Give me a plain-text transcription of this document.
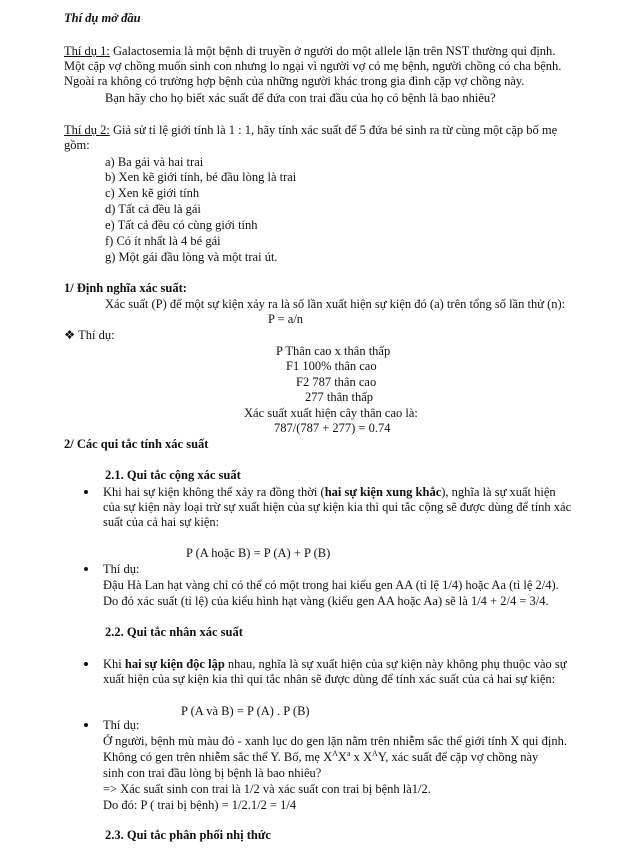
Thí dụ mở đầu
Thí dụ 1: Galactosemia là một bệnh di truyền ở người do một allele lặn trên NST thường qui định.
Một cặp vợ chồng muốn sinh con nhưng lo ngại vì người vợ có mẹ bệnh, người chồng có cha bệnh.
Ngoài ra không có trường hợp bệnh của những người khác trong gia đình cặp vợ chồng này.
Bạn hãy cho họ biết xác suất để đứa con trai đầu của họ có bệnh là bao nhiêu?
Thí dụ 2: Giả sử tỉ lệ giới tính là 1 : 1, hãy tính xác suất để 5 đứa bé sinh ra từ cùng một cặp bố mẹ
gồm:
a) Ba gái và hai trai
b) Xen kẽ giới tính, bé đầu lòng là trai
c) Xen kẽ giới tính
d) Tất cả đều là gái
e) Tất cả đều có cùng giới tính
f) Có ít nhất là 4 bé gái
g) Một gái đầu lòng và một trai út.
1/ Định nghĩa xác suất:
Xác suất (P) để một sự kiện xảy ra là số lần xuất hiện sự kiện đó (a) trên tổng số lần thử (n):
P = a/n
❖ Thí dụ:
P Thân cao x thân thấp
F1 100% thân cao
F2 787 thân cao
277 thân thấp
Xác suất xuất hiện cây thân cao là:
787/(787 + 277) = 0.74
2/ Các qui tắc tính xác suất
2.1. Qui tắc cộng xác suất
Khi hai sự kiện không thể xảy ra đồng thời (hai sự kiện xung khắc), nghĩa là sự xuất hiện
của sự kiện này loại trừ sự xuất hiện của sự kiện kia thì qui tắc cộng sẽ được dùng để tính xác
suất của cả hai sự kiện:
P (A hoặc B) = P (A) + P (B)
Thí dụ:
Đậu Hà Lan hạt vàng chỉ có thể có một trong hai kiểu gen AA (tỉ lệ 1/4) hoặc Aa (tỉ lệ 2/4).
Do đó xác suất (tỉ lệ) của kiểu hình hạt vàng (kiểu gen AA hoặc Aa) sẽ là 1/4 + 2/4 = 3/4.
2.2. Qui tắc nhân xác suất
Khi hai sự kiện độc lập nhau, nghĩa là sự xuất hiện của sự kiện này không phụ thuộc vào sự
xuất hiện của sự kiện kia thì qui tắc nhân sẽ được dùng để tính xác suất của cả hai sự kiện:
P (A và B) = P (A) . P (B)
Thí dụ:
Ở người, bệnh mù màu đỏ - xanh lục do gen lặn nằm trên nhiễm sắc thể giới tính X qui định.
Không có gen trên nhiễm sắc thể Y. Bố, mẹ $X^AX^a$ x $X^AY$, xác suất để cặp vợ chồng này
sinh con trai đầu lòng bị bệnh là bao nhiêu?
=> Xác suất sinh con trai là 1/2 và xác suất con trai bị bệnh là1/2.
Do đó: P ( trai bị bệnh) = 1/2.1/2 = 1/4
2.3. Qui tắc phân phối nhị thức
